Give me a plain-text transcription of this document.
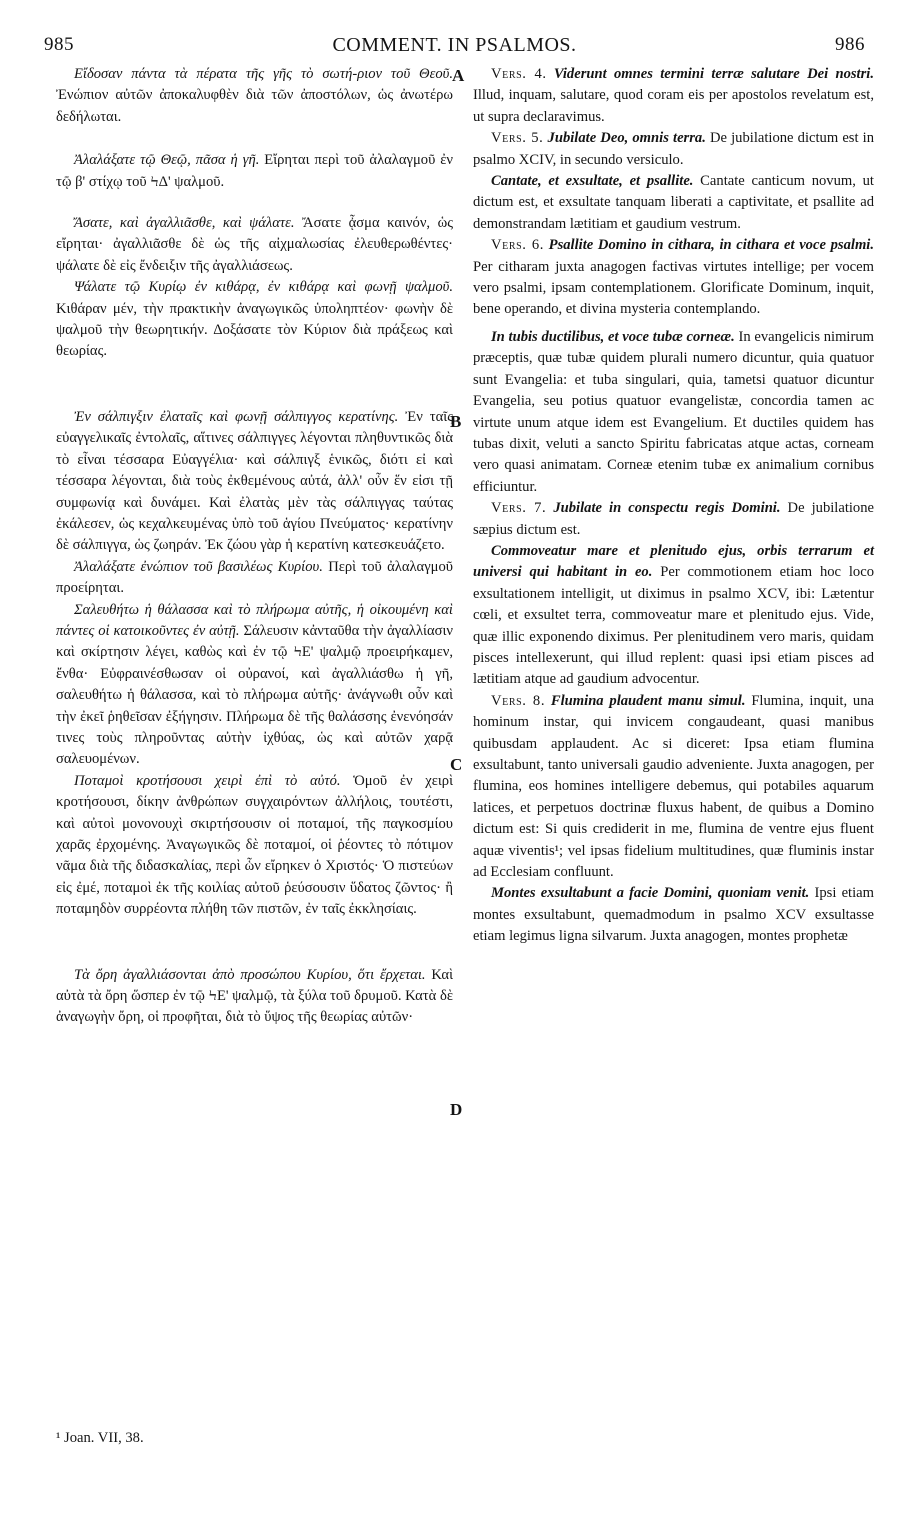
985	COMMENT. IN PSALMOS.	986

Εἴδοσαν πάντα τὰ πέρατα τῆς γῆς τὸ σωτή-ριον τοῦ Θεοῦ. Ἐνώπιον αὐτῶν ἀποκαλυφθὲν διὰ τῶν ἀποστόλων, ὡς ἀνωτέρω δεδήλωται.

Ἀλαλάξατε τῷ Θεῷ, πᾶσα ἡ γῆ. Εἴρηται περὶ τοῦ ἀλαλαγμοῦ ἐν τῷ β' στίχῳ τοῦ ϞΔ' ψαλμοῦ.

Ἄσατε, καὶ ἀγαλλιᾶσθε, καὶ ψάλατε. Ἄσατε ᾆσμα καινόν, ὡς εἴρηται· ἀγαλλιᾶσθε δὲ ὡς τῆς αἰχμαλωσίας ἐλευθερωθέντες· ψάλατε δὲ εἰς ἔνδειξιν τῆς ἀγαλλιάσεως.

Ψάλατε τῷ Κυρίῳ ἐν κιθάρᾳ, ἐν κιθάρᾳ καὶ φωνῇ ψαλμοῦ. Κιθάραν μέν, τὴν πρακτικὴν ἀναγωγικῶς ὑποληπτέον· φωνὴν δὲ ψαλμοῦ τὴν θεωρητικήν. Δοξάσατε τὸν Κύριον διὰ πράξεως καὶ θεωρίας.

Ἐν σάλπιγξιν ἐλαταῖς καὶ φωνῇ σάλπιγγος κερατίνης. Ἐν ταῖς εὐαγγελικαῖς ἐντολαῖς, αἵτινες σάλπιγγες λέγονται πληθυντικῶς διὰ τὸ εἶναι τέσσαρα Εὐαγγέλια· καὶ σάλπιγξ ἑνικῶς, διότι εἰ καὶ τέσσαρα λέγονται, διὰ τοὺς ἐκθεμένους αὐτά, ἀλλ' οὖν ἕν εἰσι τῇ συμφωνίᾳ καὶ δυνάμει. Καὶ ἐλατὰς μὲν τὰς σάλπιγγας ταύτας ἐκάλεσεν, ὡς κεχαλκευμένας ὑπὸ τοῦ ἁγίου Πνεύματος· κερατίνην δὲ σάλπιγγα, ὡς ζωηράν. Ἐκ ζώου γὰρ ἡ κερατίνη κατεσκευάζετο.

Ἀλαλάξατε ἐνώπιον τοῦ βασιλέως Κυρίου. Περὶ τοῦ ἀλαλαγμοῦ προείρηται.

Σαλευθήτω ἡ θάλασσα καὶ τὸ πλήρωμα αὐτῆς, ἡ οἰκουμένη καὶ πάντες οἱ κατοικοῦντες ἐν αὐτῇ. Σάλευσιν κἀνταῦθα τὴν ἀγαλλίασιν καὶ σκίρτησιν λέγει, καθὼς καὶ ἐν τῷ ϞΕ' ψαλμῷ προειρήκαμεν, ἔνθα· Εὐφραινέσθωσαν οἱ οὐρανοί, καὶ ἀγαλλιάσθω ἡ γῆ, σαλευθήτω ἡ θάλασσα, καὶ τὸ πλήρωμα αὐτῆς· ἀνάγνωθι οὖν καὶ τὴν ἐκεῖ ῥηθεῖσαν ἐξήγησιν. Πλήρωμα δὲ τῆς θαλάσσης ἐνενόησάν τινες τοὺς πληροῦντας αὐτὴν ἰχθύας, ὡς καὶ αὐτῶν χαρᾷ σαλευομένων.

Ποταμοὶ κροτήσουσι χειρὶ ἐπὶ τὸ αὐτό. Ὁμοῦ ἐν χειρὶ κροτήσουσι, δίκην ἀνθρώπων συγχαιρόντων ἀλλήλοις, τουτέστι, καὶ αὐτοὶ μονονουχὶ σκιρτήσουσιν οἱ ποταμοί, τῆς παγκοσμίου χαρᾶς ἐρχομένης. Ἀναγωγικῶς δὲ ποταμοί, οἱ ῥέοντες τὸ πότιμον νᾶμα διὰ τῆς διδασκαλίας, περὶ ὧν εἴρηκεν ὁ Χριστός· Ὁ πιστεύων εἰς ἐμέ, ποταμοὶ ἐκ τῆς κοιλίας αὐτοῦ ῥεύσουσιν ὕδατος ζῶντος· ἢ ποταμηδὸν συρρέοντα πλήθη τῶν πιστῶν, ἐν ταῖς ἐκκλησίαις.

Τὰ ὄρη ἀγαλλιάσονται ἀπὸ προσώπου Κυρίου, ὅτι ἔρχεται. Καὶ αὐτὰ τὰ ὄρη ὥσπερ ἐν τῷ ϞΕ' ψαλμῷ, τὰ ξύλα τοῦ δρυμοῦ. Κατὰ δὲ ἀναγωγὴν ὄρη, οἱ προφῆται, διὰ τὸ ὕψος τῆς θεωρίας αὐτῶν·

Vers. 4. Viderunt omnes termini terræ salutare Dei nostri. Illud, inquam, salutare, quod coram eis per apostolos revelatum est, ut supra declaravimus.

Vers. 5. Jubilate Deo, omnis terra. De jubilatione dictum est in psalmo XCIV, in secundo versiculo.

Cantate, et exsultate, et psallite. Cantate canticum novum, ut dictum est, et exsultate tanquam liberati a captivitate, et psallite ad demonstrandam lætitiam et gaudium vestrum.

Vers. 6. Psallite Domino in cithara, in cithara et voce psalmi. Per citharam juxta anagogen factivas virtutes intellige; per vocem vero psalmi, ipsam contemplationem. Glorificate Dominum, inquit, bene operando, et divina mysteria contemplando.

In tubis ductilibus, et voce tubæ corneæ. In evangelicis nimirum præceptis, quæ tubæ quidem plurali numero dicuntur, quia quatuor sunt Evangelia: et tuba singulari, quia, tametsi quatuor dicuntur Evangelia, seu potius quatuor evangelistæ, concordia tamen ac virtute unum atque idem est Evangelium. Et ductiles quidem has tubas dixit, veluti a sancto Spiritu fabricatas atque actas, corneam vero quasi animatam. Corneæ etenim tubæ ex animalium cornibus efficiuntur.

Vers. 7. Jubilate in conspectu regis Domini. De jubilatione sæpius dictum est.

Commoveatur mare et plenitudo ejus, orbis terrarum et universi qui habitant in eo. Per commotionem etiam hoc loco exsultationem intelligit, ut diximus in psalmo XCV, ibi: Lætentur cœli, et exsultet terra, commoveatur mare et plenitudo ejus. Vide, quæ illic exponendo diximus. Per plenitudinem vero maris, quidam pisces intellexerunt, qui illud replent: quasi ipsi etiam pisces ad lætitiam atque ad gaudium advocentur.

Vers. 8. Flumina plaudent manu simul. Flumina, inquit, una hominum instar, qui invicem congaudeant, quasi manibus quibusdam applaudent. Ac si diceret: Ipsa etiam flumina exsultabunt, tanto universali gaudio adveniente. Juxta anagogen, per flumina, eos homines intelligere debemus, qui potabiles aquarum latices, et perpetuos doctrinæ fluxus habent, de quibus a Domino dictum est: Si quis crediderit in me, flumina de ventre ejus fluent aquæ viventis¹; vel ipsas fidelium multitudines, quæ fluminis instar ad Ecclesiam confluunt.

Montes exsultabunt a facie Domini, quoniam venit. Ipsi etiam montes exsultabunt, quemadmodum in psalmo XCV exsultasse etiam legimus ligna silvarum. Juxta anagogen, montes prophetæ

A
B
C
D
¹ Joan. VII, 38.
